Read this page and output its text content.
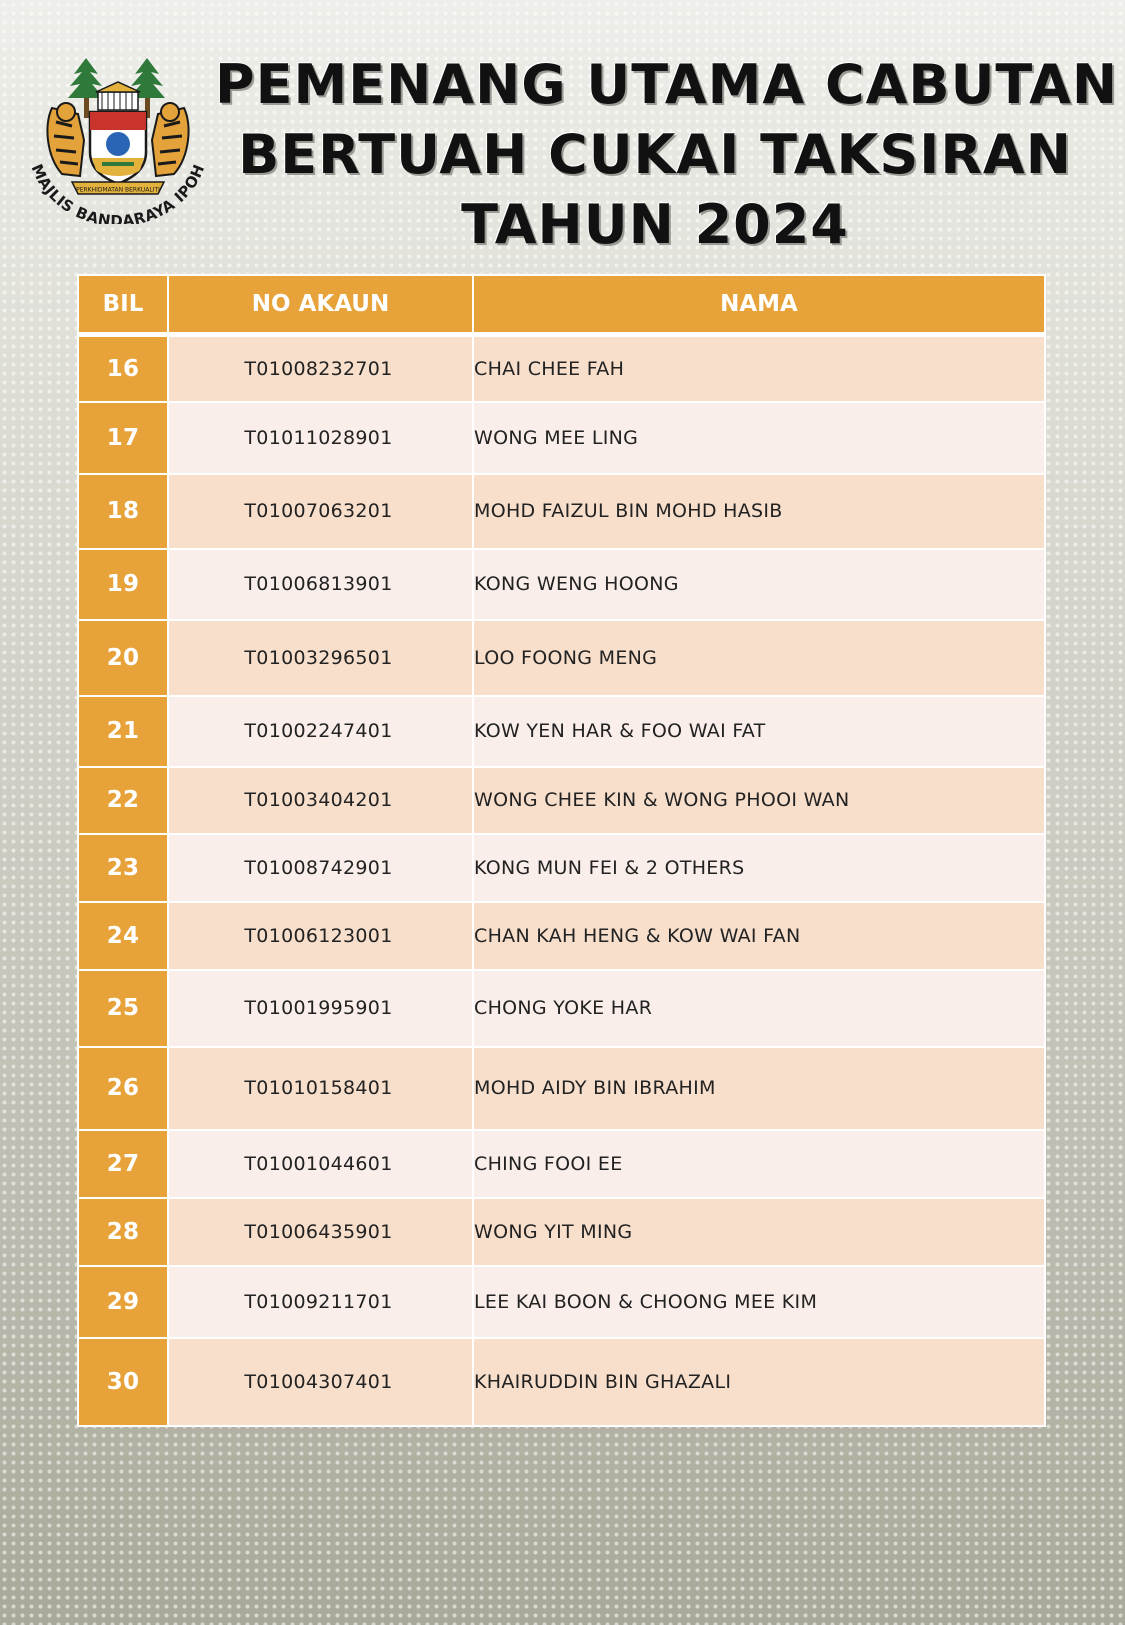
PERKHIDMATAN BERKUALITI
MAJLIS BANDARAYA IPOH
PEMENANG UTAMA CABUTAN
BERTUAH CUKAI TAKSIRAN
TAHUN 2024
BIL	NO AKAUN	NAMA
16	T01008232701	CHAI CHEE FAH
17	T01011028901	WONG MEE LING
18	T01007063201	MOHD FAIZUL BIN MOHD HASIB
19	T01006813901	KONG WENG HOONG
20	T01003296501	LOO FOONG MENG
21	T01002247401	KOW YEN HAR & FOO WAI FAT
22	T01003404201	WONG CHEE KIN & WONG PHOOI WAN
23	T01008742901	KONG MUN FEI & 2 OTHERS
24	T01006123001	CHAN KAH HENG & KOW WAI FAN
25	T01001995901	CHONG YOKE HAR
26	T01010158401	MOHD AIDY BIN IBRAHIM
27	T01001044601	CHING FOOI EE
28	T01006435901	WONG YIT MING
29	T01009211701	LEE KAI BOON & CHOONG MEE KIM
30	T01004307401	KHAIRUDDIN BIN GHAZALI
